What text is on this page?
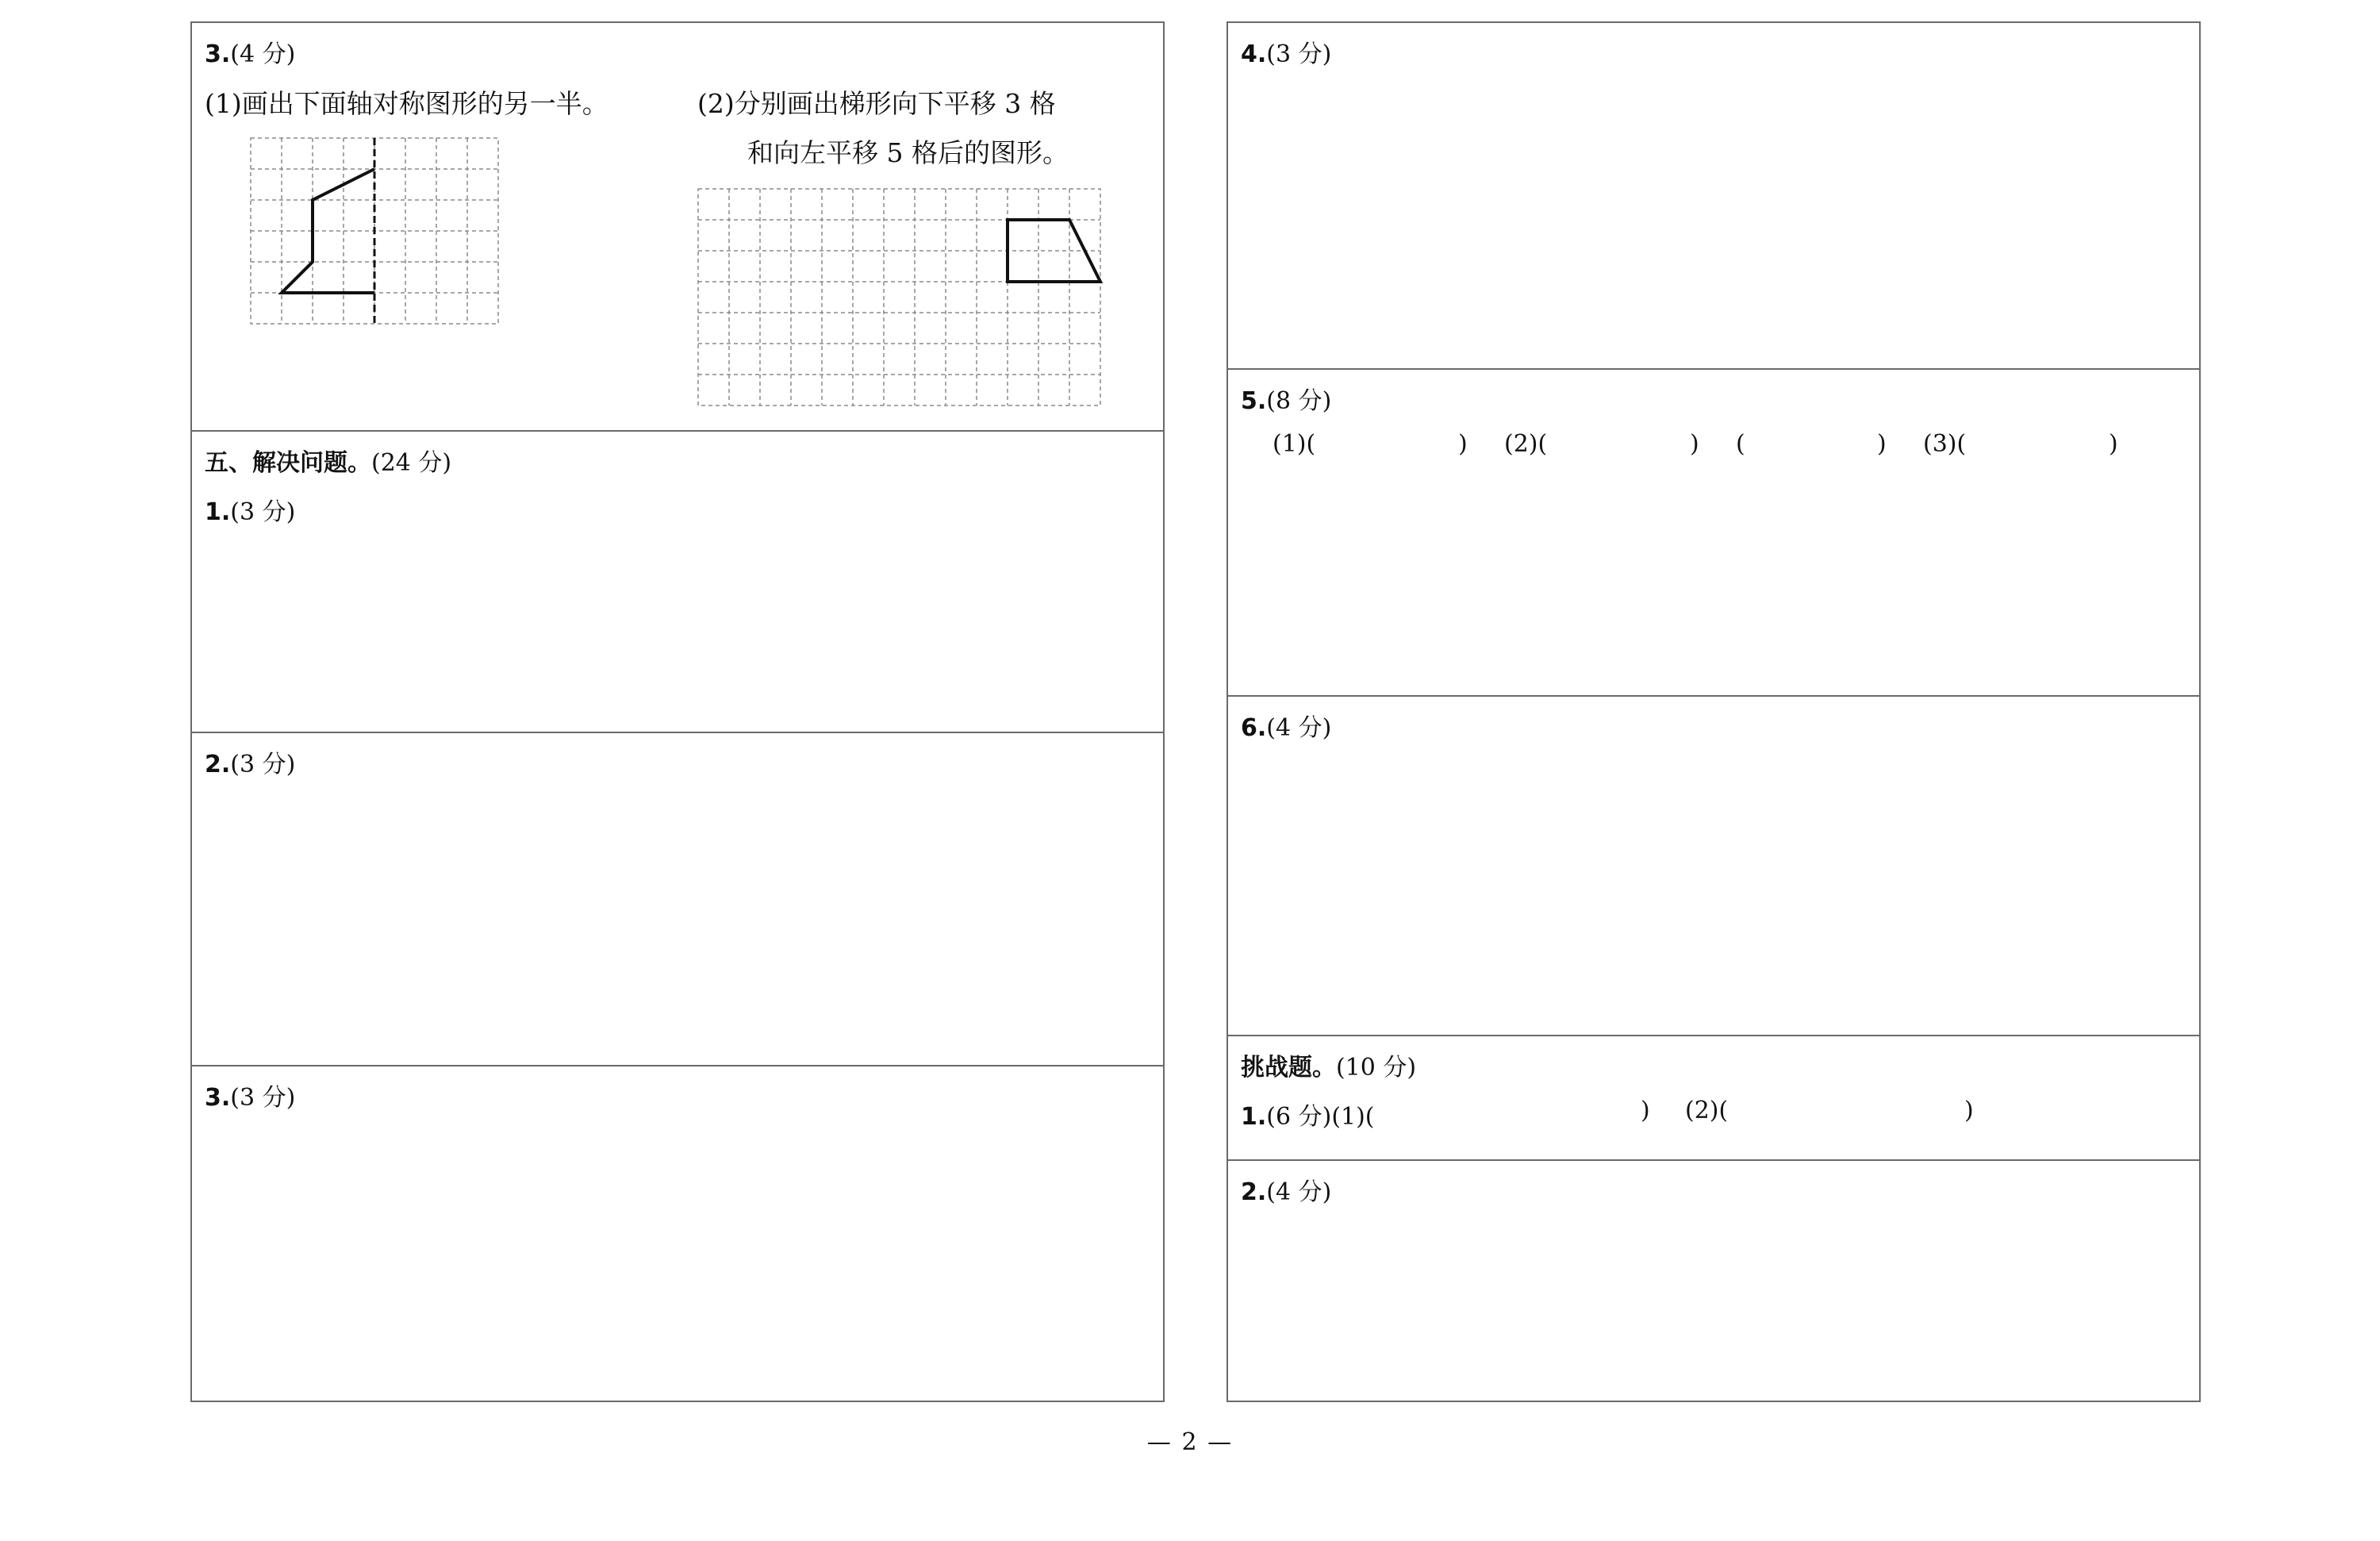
3.(4 分)
(1)画出下面轴对称图形的另一半。	(2)分别画出梯形向下平移 3 格
和向左平移 5 格后的图形。
五、解决问题。(24 分)
1.(3 分)
2.(3 分)
3.(3 分)
4.(3 分)
5.(8 分)
(1)(	) (2)(	) (	) (3)(	)
6.(4 分)
挑战题。(10 分)
1.(6 分)(1)(	) (2)(	)
2.(4 分)
— 2 —
